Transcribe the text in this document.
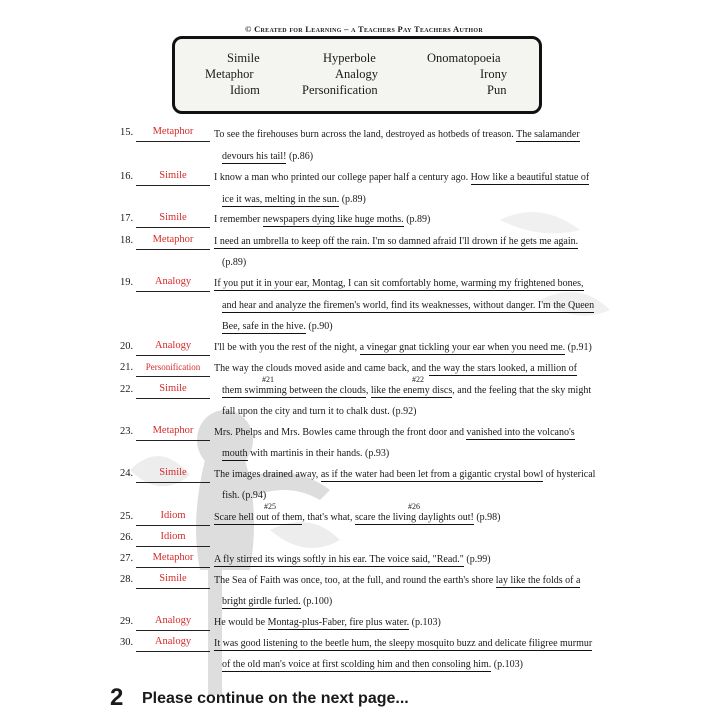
© Created for Learning – a Teachers Pay Teachers Author
Simile	Hyperbole	Onomatopoeia
Metaphor	Analogy	Irony
Idiom	Personification	Pun
15.	Metaphor	To see the firehouses burn across the land, destroyed as hotbeds of treason. The salamander
devours his tail! (p.86)
16.	Simile	I know a man who printed our college paper half a century ago. How like a beautiful statue of
ice it was, melting in the sun. (p.89)
17.	Simile	I remember newspapers dying like huge moths. (p.89)
18.	Metaphor	I need an umbrella to keep off the rain. I'm so damned afraid I'll drown if he gets me again.
(p.89)
19.	Analogy	If you put it in your ear, Montag, I can sit comfortably home, warming my frightened bones,
and hear and analyze the firemen's world, find its weaknesses, without danger. I'm the Queen
Bee, safe in the hive. (p.90)
20.	Analogy	I'll be with you the rest of the night, a vinegar gnat tickling your ear when you need me. (p.91)
21.	Personification	The way the clouds moved aside and came back, and the way the stars looked, a million of
#21	#22
22.	Simile	them swimming between the clouds, like the enemy discs, and the feeling that the sky might
fall upon the city and turn it to chalk dust. (p.92)
23.	Metaphor	Mrs. Phelps and Mrs. Bowles came through the front door and vanished into the volcano's
mouth with martinis in their hands. (p.93)
24.	Simile	The images drained away, as if the water had been let from a gigantic crystal bowl of hysterical
fish. (p.94)
#25	#26
25.	Idiom	Scare hell out of them, that's what, scare the living daylights out! (p.98)
26.	Idiom
27.	Metaphor	A fly stirred its wings softly in his ear. The voice said, "Read." (p.99)
28.	Simile	The Sea of Faith was once, too, at the full, and round the earth's shore lay like the folds of a
bright girdle furled. (p.100)
29.	Analogy	He would be Montag-plus-Faber, fire plus water. (p.103)
30.	Analogy	It was good listening to the beetle hum, the sleepy mosquito buzz and delicate filigree murmur
of the old man's voice at first scolding him and then consoling him. (p.103)
2 Please continue on the next page...
